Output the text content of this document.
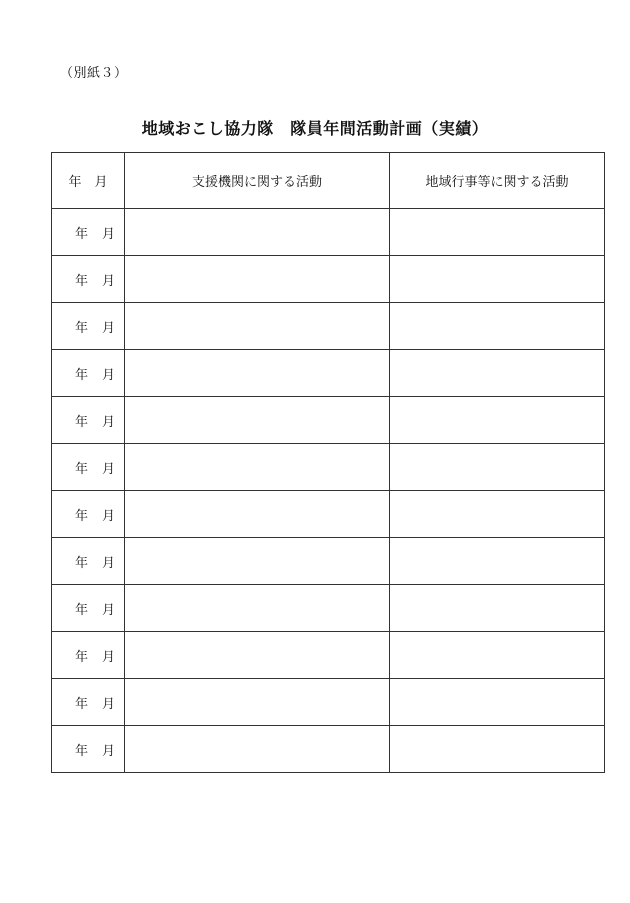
（別紙３）
地域おこし協力隊　隊員年間活動計画（実績）
年　月	支援機関に関する活動	地域行事等に関する活動
年 月		
年 月		
年 月		
年 月		
年 月		
年 月		
年 月		
年 月		
年 月		
年 月		
年 月		
年 月		
